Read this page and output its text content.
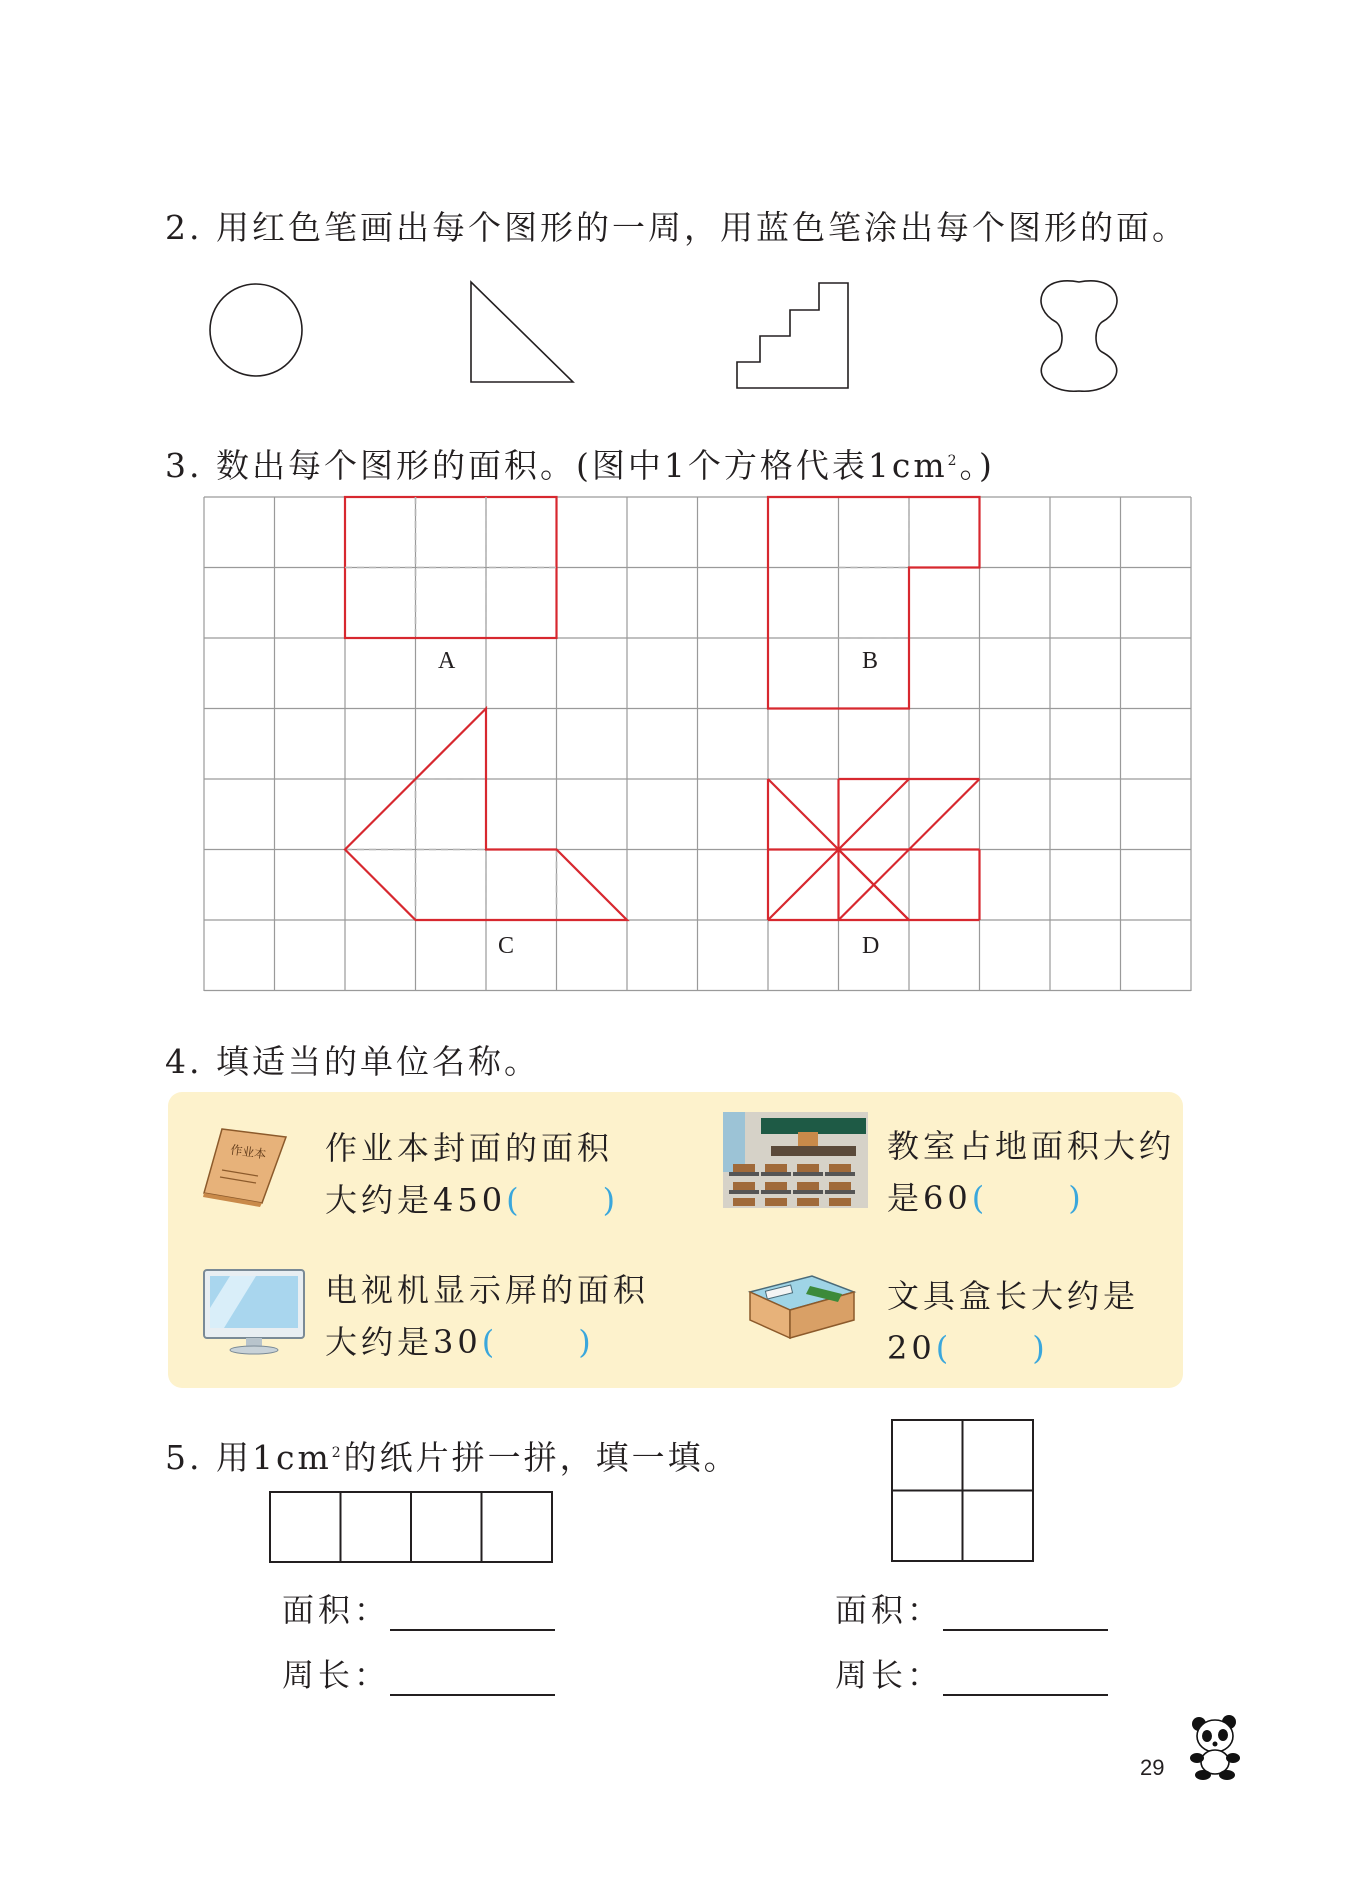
2. 用红色笔画出每个图形的一周，用蓝色笔涂出每个图形的面。
3. 数出每个图形的面积。(图中1个方格代表$1cm^2$。)
A	B
C	D
4. 填适当的单位名称。
作业本 作业本封面的面积
大约是450(	)
教室占地面积大约
是60(	)
电视机显示屏的面积
大约是30(	)
文具盒长大约是
20(	)
5. 用$1cm^2$的纸片拼一拼，填一填。
面积：
周长：
面积：
周长：
29
